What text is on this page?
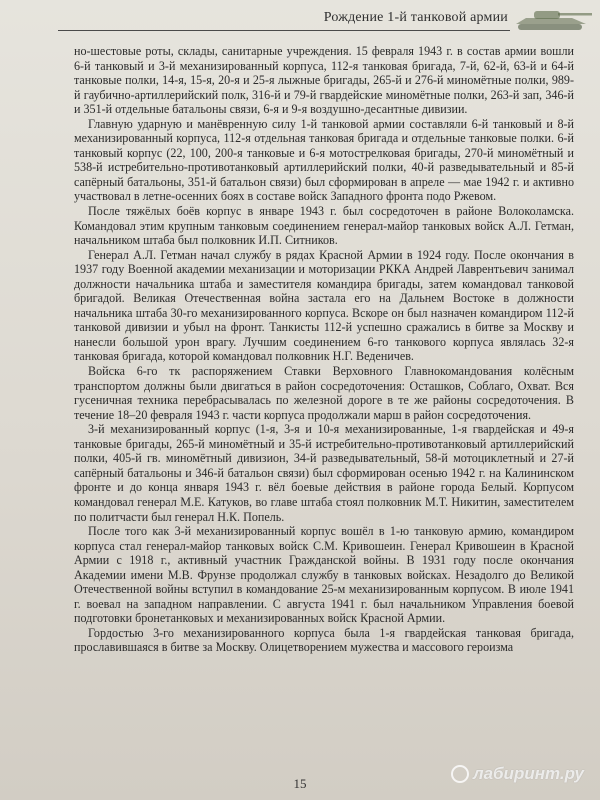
Рождение 1-й танковой армии

но-шестовые роты, склады, санитарные учреждения. 15 февраля 1943 г. в состав армии вошли 6-й танковый и 3-й механизированный корпуса, 112-я танковая бригада, 7-й, 62-й, 63-й и 64-й танковые полки, 14-я, 15-я, 20-я и 25-я лыжные бригады, 265-й и 276-й миномётные полки, 989-й гаубично-артиллерийский полк, 316-й и 79-й гвардейские миномётные полки, 263-й зап, 346-й и 351-й отдельные батальоны связи, 6-я и 9-я воздушно-десантные дивизии.

Главную ударную и манёвренную силу 1-й танковой армии составляли 6-й танковый и 8-й механизированный корпуса, 112-я отдельная танковая бригада и отдельные танковые полки. 6-й танковый корпус (22, 100, 200-я танковые и 6-я мотострелковая бригады, 270-й миномётный и 538-й истребительно-противотанковый артиллерийский полки, 40-й разведывательный и 85-й сапёрный батальоны, 351-й батальон связи) был сформирован в апреле — мае 1942 г. и активно участвовал в летне-осенних боях в составе войск Западного фронта подо Ржевом.

После тяжёлых боёв корпус в январе 1943 г. был сосредоточен в районе Волоколамска. Командовал этим крупным танковым соединением генерал-майор танковых войск А.Л. Гетман, начальником штаба был полковник И.П. Ситников.

Генерал А.Л. Гетман начал службу в рядах Красной Армии в 1924 году. После окончания в 1937 году Военной академии механизации и моторизации РККА Андрей Лаврентьевич занимал должности начальника штаба и заместителя командира бригады, затем командовал танковой бригадой. Великая Отечественная война застала его на Дальнем Востоке в должности начальника штаба 30-го механизированного корпуса. Вскоре он был назначен командиром 112-й танковой дивизии и убыл на фронт. Танкисты 112-й успешно сражались в битве за Москву и нанесли большой урон врагу. Лучшим соединением 6-го танкового корпуса являлась 32-я танковая бригада, которой командовал полковник Н.Г. Веденичев.

Войска 6-го тк распоряжением Ставки Верховного Главнокомандования колёсным транспортом должны были двигаться в район сосредоточения: Осташков, Соблаго, Охват. Вся гусеничная техника перебрасывалась по железной дороге в те же районы сосредоточения. В течение 18–20 февраля 1943 г. части корпуса продолжали марш в район сосредоточения.

3-й механизированный корпус (1-я, 3-я и 10-я механизированные, 1-я гвардейская и 49-я танковые бригады, 265-й миномётный и 35-й истребительно-противотанковый артиллерийский полки, 405-й гв. миномётный дивизион, 34-й разведывательный, 58-й мотоциклетный и 27-й сапёрный батальоны и 346-й батальон связи) был сформирован осенью 1942 г. на Калининском фронте и до конца января 1943 г. вёл боевые действия в районе города Белый. Корпусом командовал генерал М.Е. Катуков, во главе штаба стоял полковник М.Т. Никитин, заместителем по политчасти был генерал Н.К. Попель.

После того как 3-й механизированный корпус вошёл в 1-ю танковую армию, командиром корпуса стал генерал-майор танковых войск С.М. Кривошеин. Генерал Кривошеин в Красной Армии с 1918 г., активный участник Гражданской войны. В 1931 году после окончания Академии имени М.В. Фрунзе продолжал службу в танковых войсках. Незадолго до Великой Отечественной войны вступил в командование 25-м механизированным корпусом. В июле 1941 г. воевал на западном направлении. С августа 1941 г. был начальником Управления боевой подготовки бронетанковых и механизированных войск Красной Армии.

Гордостью 3-го механизированного корпуса была 1-я гвардейская танковая бригада, прославившаяся в битве за Москву. Олицетворением мужества и массового героизма

15
лабиринт.ру
